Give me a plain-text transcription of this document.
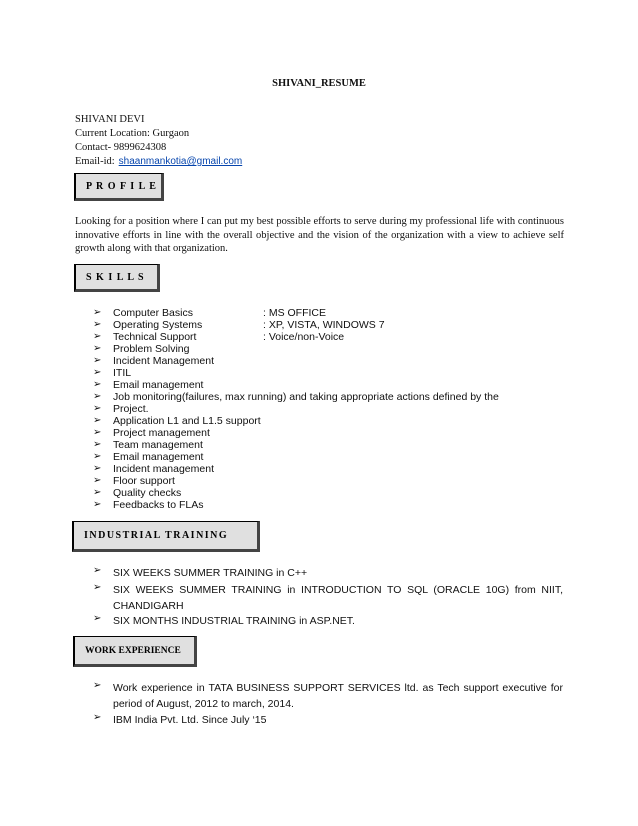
SHIVANI_RESUME
SHIVANI DEVI
Current Location: Gurgaon
Contact- 9899624308
Email-id: shaanmankotia@gmail.com
P R O F I L E
Looking for a position where I can put my best possible efforts to serve during my professional life with continuous innovative efforts in line with the overall objective and the vision of the organization with a view to achieve self growth along with that organization.
S K I L L S
➢ Computer Basics	: MS OFFICE
➢ Operating Systems	: XP, VISTA, WINDOWS 7
➢ Technical Support	: Voice/non-Voice
➢ Problem Solving
➢ Incident Management
➢ ITIL
➢ Email management
➢ Job monitoring(failures, max running) and taking appropriate actions defined by the
➢ Project.
➢ Application L1 and L1.5 support
➢ Project management
➢ Team management
➢ Email management
➢ Incident management
➢ Floor support
➢ Quality checks
➢ Feedbacks to FLAs
INDUSTRIAL TRAINING
➢ SIX WEEKS SUMMER TRAINING in C++
➢ SIX WEEKS SUMMER TRAINING in INTRODUCTION TO SQL (ORACLE 10G) from NIIT, CHANDIGARH
➢ SIX MONTHS INDUSTRIAL TRAINING in ASP.NET.
WORK EXPERIENCE
➢ Work experience in TATA BUSINESS SUPPORT SERVICES ltd. as Tech support executive for period of August, 2012 to march, 2014.
➢ IBM India Pvt. Ltd. Since July ‘15
